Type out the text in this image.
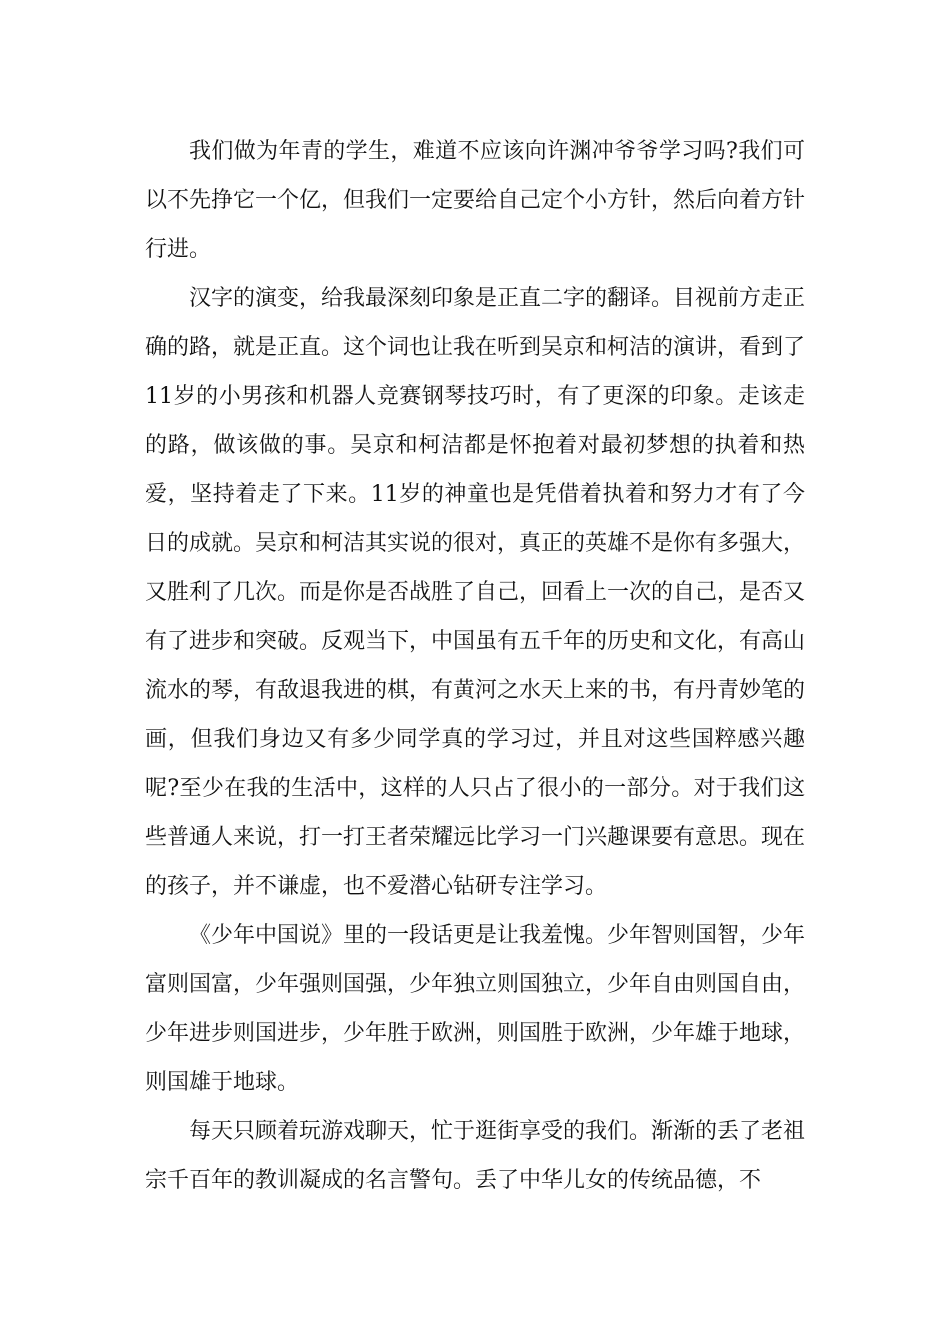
我们做为年青的学生，难道不应该向许渊冲爷爷学习吗?我们可以不先挣它一个亿，但我们一定要给自己定个小方针，然后向着方针行进。

汉字的演变，给我最深刻印象是正直二字的翻译。目视前方走正确的路，就是正直。这个词也让我在听到吴京和柯洁的演讲，看到了11岁的小男孩和机器人竞赛钢琴技巧时，有了更深的印象。走该走的路，做该做的事。吴京和柯洁都是怀抱着对最初梦想的执着和热爱，坚持着走了下来。11岁的神童也是凭借着执着和努力才有了今日的成就。吴京和柯洁其实说的很对，真正的英雄不是你有多强大，又胜利了几次。而是你是否战胜了自己，回看上一次的自己，是否又有了进步和突破。反观当下，中国虽有五千年的历史和文化，有高山流水的琴，有敌退我进的棋，有黄河之水天上来的书，有丹青妙笔的画，但我们身边又有多少同学真的学习过，并且对这些国粹感兴趣呢?至少在我的生活中，这样的人只占了很小的一部分。对于我们这些普通人来说，打一打王者荣耀远比学习一门兴趣课要有意思。现在的孩子，并不谦虚，也不爱潜心钻研专注学习。

《少年中国说》里的一段话更是让我羞愧。少年智则国智，少年富则国富，少年强则国强，少年独立则国独立，少年自由则国自由，少年进步则国进步，少年胜于欧洲，则国胜于欧洲，少年雄于地球，则国雄于地球。

每天只顾着玩游戏聊天，忙于逛街享受的我们。渐渐的丢了老祖宗千百年的教训凝成的名言警句。丢了中华儿女的传统品德，不
